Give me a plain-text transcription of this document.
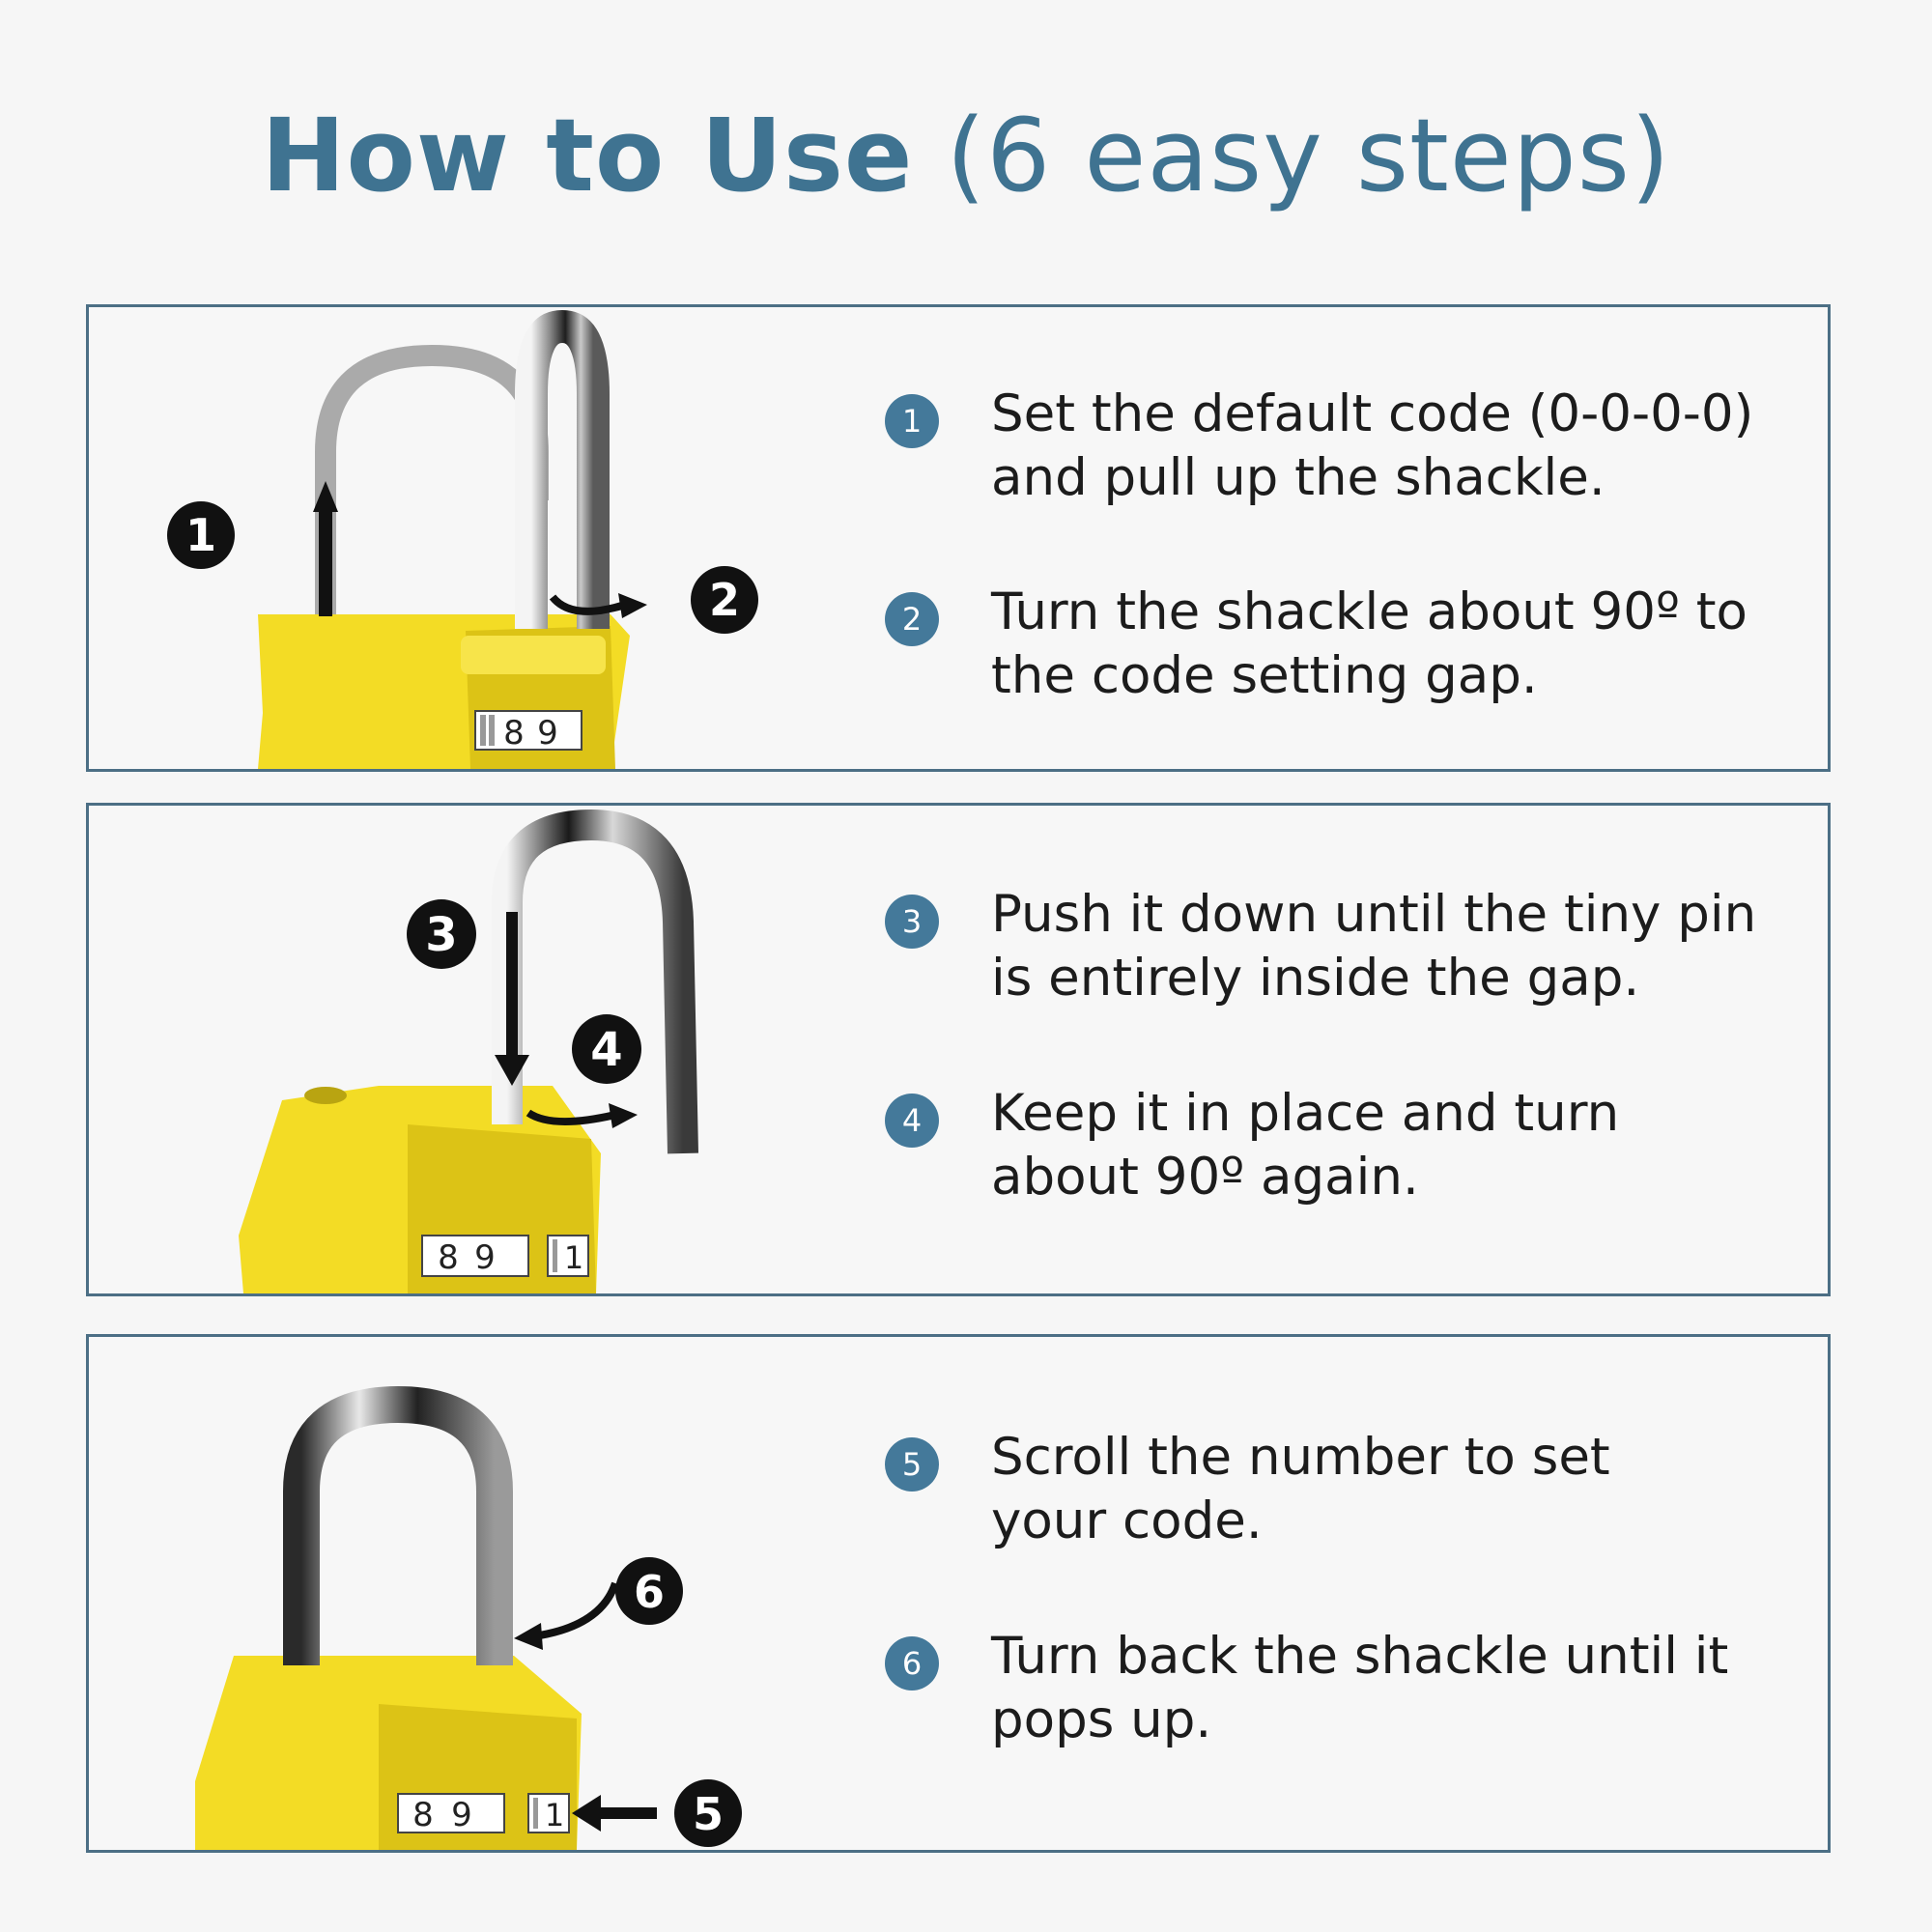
How to Use (6 easy steps)
8 9
1
2
1	Set the default code (0-0-0-0)
and pull up the shackle.
2	Turn the shackle about 90º to
the code setting gap.
8 9 1
3
4
3	Push it down until the tiny pin
is entirely inside the gap.
4	Keep it in place and turn
about 90º again.
8 9 1
6
5
5	Scroll the number to set
your code.
6	Turn back the shackle until it
pops up.
